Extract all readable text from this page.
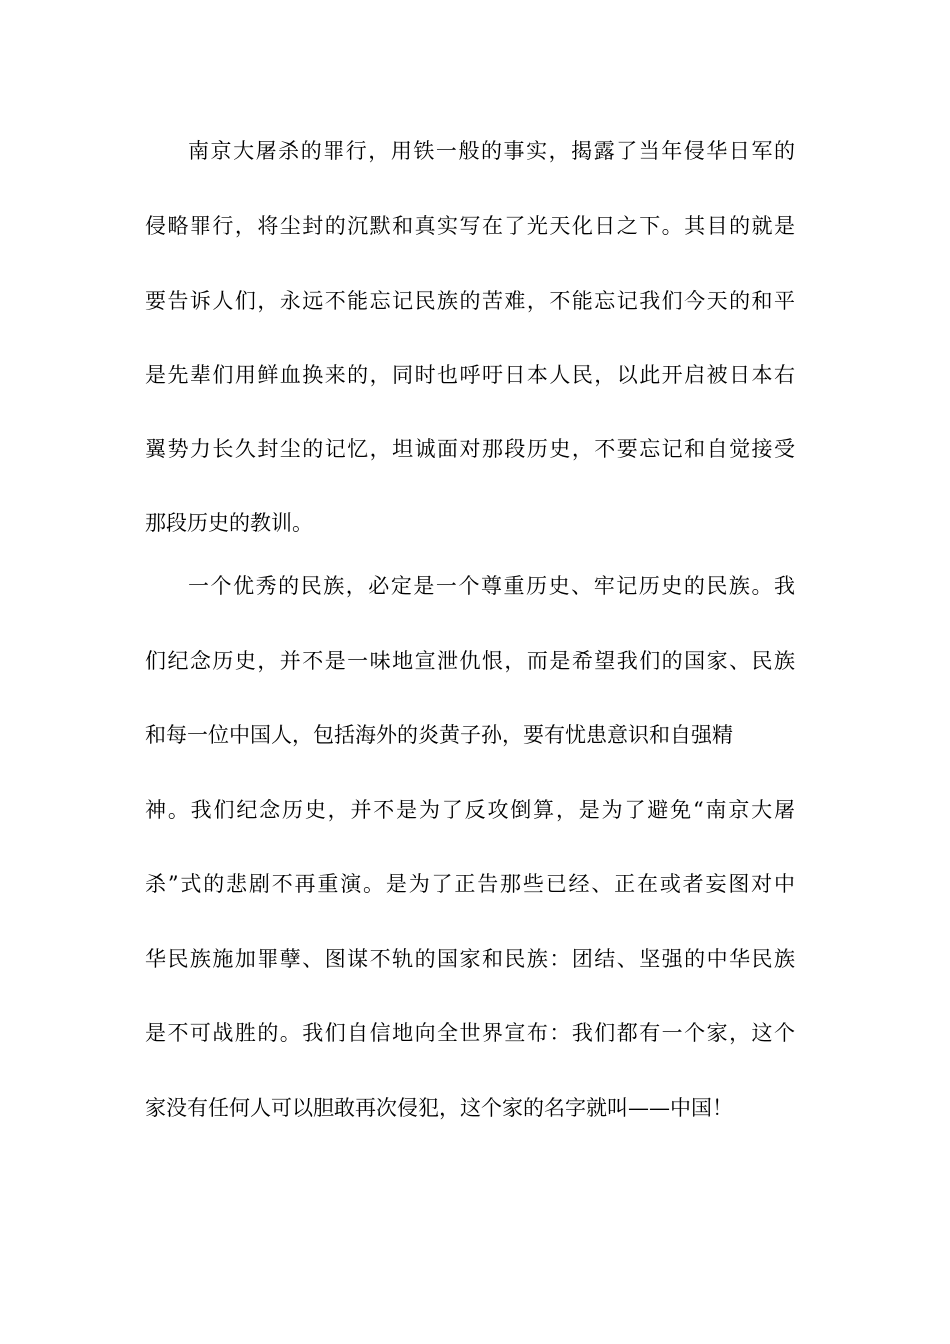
南京大屠杀的罪行，用铁一般的事实，揭露了当年侵华日军的
侵略罪行，将尘封的沉默和真实写在了光天化日之下。其目的就是
要告诉人们，永远不能忘记民族的苦难，不能忘记我们今天的和平
是先辈们用鲜血换来的，同时也呼吁日本人民，以此开启被日本右
翼势力长久封尘的记忆，坦诚面对那段历史，不要忘记和自觉接受
那段历史的教训。
一个优秀的民族，必定是一个尊重历史、牢记历史的民族。我
们纪念历史，并不是一味地宣泄仇恨，而是希望我们的国家、民族
和每一位中国人，包括海外的炎黄子孙，要有忧患意识和自强精
神。我们纪念历史，并不是为了反攻倒算，是为了避免“南京大屠
杀”式的悲剧不再重演。是为了正告那些已经、正在或者妄图对中
华民族施加罪孽、图谋不轨的国家和民族：团结、坚强的中华民族
是不可战胜的。我们自信地向全世界宣布：我们都有一个家，这个
家没有任何人可以胆敢再次侵犯，这个家的名字就叫——中国！
